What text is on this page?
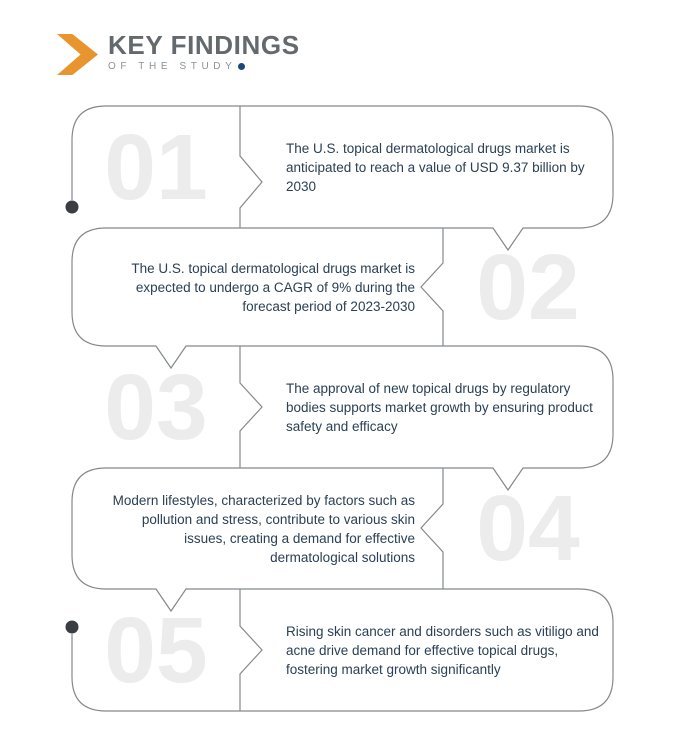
KEY FINDINGS
OF THE STUDY
01	The U.S. topical dermatological drugs market is anticipated to reach a value of USD 9.37 billion by 2030
The U.S. topical dermatological drugs market is expected to undergo a CAGR of 9% during the forecast period of 2023-2030 02
03	The approval of new topical drugs by regulatory bodies supports market growth by ensuring product safety and efficacy
Modern lifestyles, characterized by factors such as pollution and stress, contribute to various skin issues, creating a demand for effective dermatological solutions 04
05	Rising skin cancer and disorders such as vitiligo and acne drive demand for effective topical drugs, fostering market growth significantly
